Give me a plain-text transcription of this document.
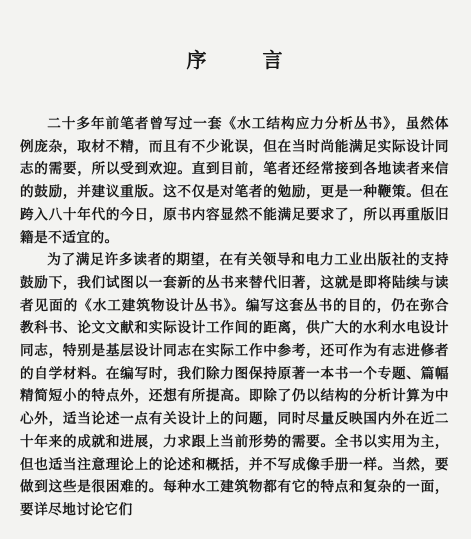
序　言

二十多年前笔者曾写过一套《水工结构应力分析丛书》，虽然体例庞杂，取材不精，而且有不少讹误，但在当时尚能满足实际设计同志的需要，所以受到欢迎。直到目前，笔者还经常接到各地读者来信的鼓励，并建议重版。这不仅是对笔者的勉励，更是一种鞭策。但在跨入八十年代的今日，原书内容显然不能满足要求了，所以再重版旧籍是不适宜的。

为了满足许多读者的期望，在有关领导和电力工业出版社的支持鼓励下，我们试图以一套新的丛书来替代旧著，这就是即将陆续与读者见面的《水工建筑物设计丛书》。编写这套丛书的目的，仍在弥合教科书、论文文献和实际设计工作间的距离，供广大的水利水电设计同志，特别是基层设计同志在实际工作中参考，还可作为有志进修者的自学材料。在编写时，我们除力图保持原著一本书一个专题、篇幅精简短小的特点外，还想有所提高。即除了仍以结构的分析计算为中心外，适当论述一点有关设计上的问题，同时尽量反映国内外在近二十年来的成就和进展，力求跟上当前形势的需要。全书以实用为主，但也适当注意理论上的论述和概括，并不写成像手册一样。当然，要做到这些是很困难的。每种水工建筑物都有它的特点和复杂的一面，要详尽地讨论它们
